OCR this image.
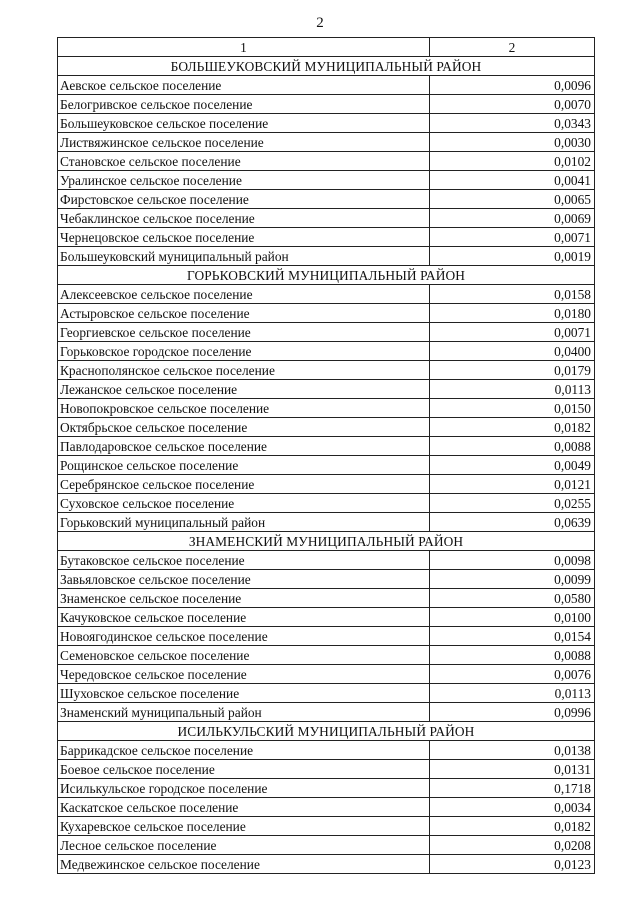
2
1	2
БОЛЬШЕУКОВСКИЙ МУНИЦИПАЛЬНЫЙ РАЙОН	
Аевское сельское поселение	0,0096
Белогривское сельское поселение	0,0070
Большеуковское сельское поселение	0,0343
Листвяжинское сельское поселение	0,0030
Становское сельское поселение	0,0102
Уралинское сельское поселение	0,0041
Фирстовское сельское поселение	0,0065
Чебаклинское сельское поселение	0,0069
Чернецовское сельское поселение	0,0071
Большеуковский муниципальный район	0,0019
ГОРЬКОВСКИЙ МУНИЦИПАЛЬНЫЙ РАЙОН	
Алексеевское сельское поселение	0,0158
Астыровское сельское поселение	0,0180
Георгиевское сельское поселение	0,0071
Горьковское городское поселение	0,0400
Краснополянское сельское поселение	0,0179
Лежанское сельское поселение	0,0113
Новопокровское сельское поселение	0,0150
Октябрьское сельское поселение	0,0182
Павлодаровское сельское поселение	0,0088
Рощинское сельское поселение	0,0049
Серебрянское сельское поселение	0,0121
Суховское сельское поселение	0,0255
Горьковский муниципальный район	0,0639
ЗНАМЕНСКИЙ МУНИЦИПАЛЬНЫЙ РАЙОН	
Бутаковское сельское поселение	0,0098
Завьяловское сельское поселение	0,0099
Знаменское сельское поселение	0,0580
Качуковское сельское поселение	0,0100
Новоягодинское сельское поселение	0,0154
Семеновское сельское поселение	0,0088
Чередовское сельское поселение	0,0076
Шуховское сельское поселение	0,0113
Знаменский муниципальный район	0,0996
ИСИЛЬКУЛЬСКИЙ МУНИЦИПАЛЬНЫЙ РАЙОН	
Баррикадское сельское поселение	0,0138
Боевое сельское поселение	0,0131
Исилькульское городское поселение	0,1718
Каскатское сельское поселение	0,0034
Кухаревское сельское поселение	0,0182
Лесное сельское поселение	0,0208
Медвежинское сельское поселение	0,0123
